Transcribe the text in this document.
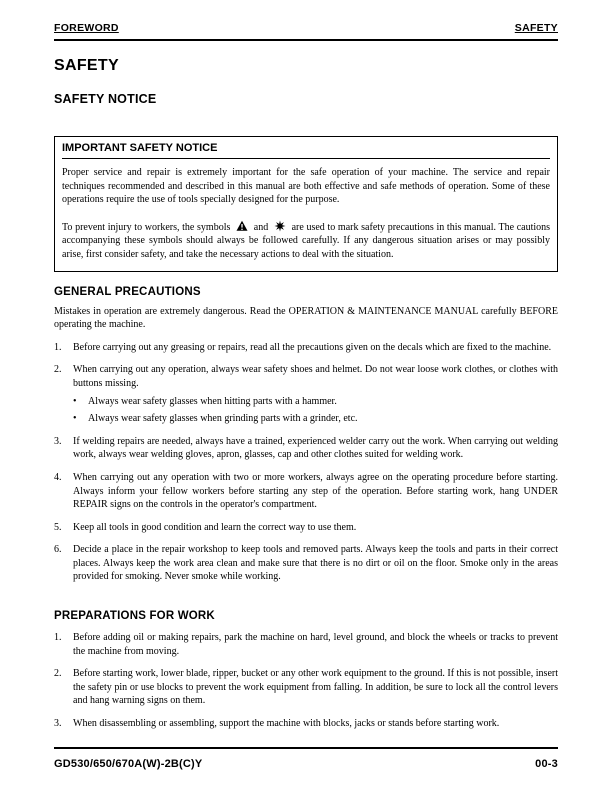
FOREWORD	SAFETY
SAFETY
SAFETY NOTICE
IMPORTANT SAFETY NOTICE

Proper service and repair is extremely important for the safe operation of your machine. The service and repair techniques recommended and described in this manual are both effective and safe methods of operation. Some of these operations require the use of tools specially designed for the purpose.

To prevent injury to workers, the symbols and are used to mark safety precautions in this manual. The cautions accompanying these symbols should always be followed carefully. If any dangerous situation arises or may possibly arise, first consider safety, and take the necessary actions to deal with the situation.

GENERAL PRECAUTIONS

Mistakes in operation are extremely dangerous. Read the OPERATION & MAINTENANCE MANUAL carefully BEFORE operating the machine.

1.	Before carrying out any greasing or repairs, read all the precautions given on the decals which are fixed to the machine.
2.	When carrying out any operation, always wear safety shoes and helmet. Do not wear loose work clothes, or clothes with buttons missing.
•	Always wear safety glasses when hitting parts with a hammer.
•	Always wear safety glasses when grinding parts with a grinder, etc.
3.	If welding repairs are needed, always have a trained, experienced welder carry out the work. When carrying out welding work, always wear welding gloves, apron, glasses, cap and other clothes suited for welding work.
4.	When carrying out any operation with two or more workers, always agree on the operating procedure before starting. Always inform your fellow workers before starting any step of the operation. Before starting work, hang UNDER REPAIR signs on the controls in the operator's compartment.
5.	Keep all tools in good condition and learn the correct way to use them.
6.	Decide a place in the repair workshop to keep tools and removed parts. Always keep the tools and parts in their correct places. Always keep the work area clean and make sure that there is no dirt or oil on the floor. Smoke only in the areas provided for smoking. Never smoke while working.
PREPARATIONS FOR WORK
1.	Before adding oil or making repairs, park the machine on hard, level ground, and block the wheels or tracks to prevent the machine from moving.
2.	Before starting work, lower blade, ripper, bucket or any other work equipment to the ground. If this is not possible, insert the safety pin or use blocks to prevent the work equipment from falling. In addition, be sure to lock all the control levers and hang warning signs on them.
3.	When disassembling or assembling, support the machine with blocks, jacks or stands before starting work.
GD530/650/670A(W)-2B(C)Y	00-3
